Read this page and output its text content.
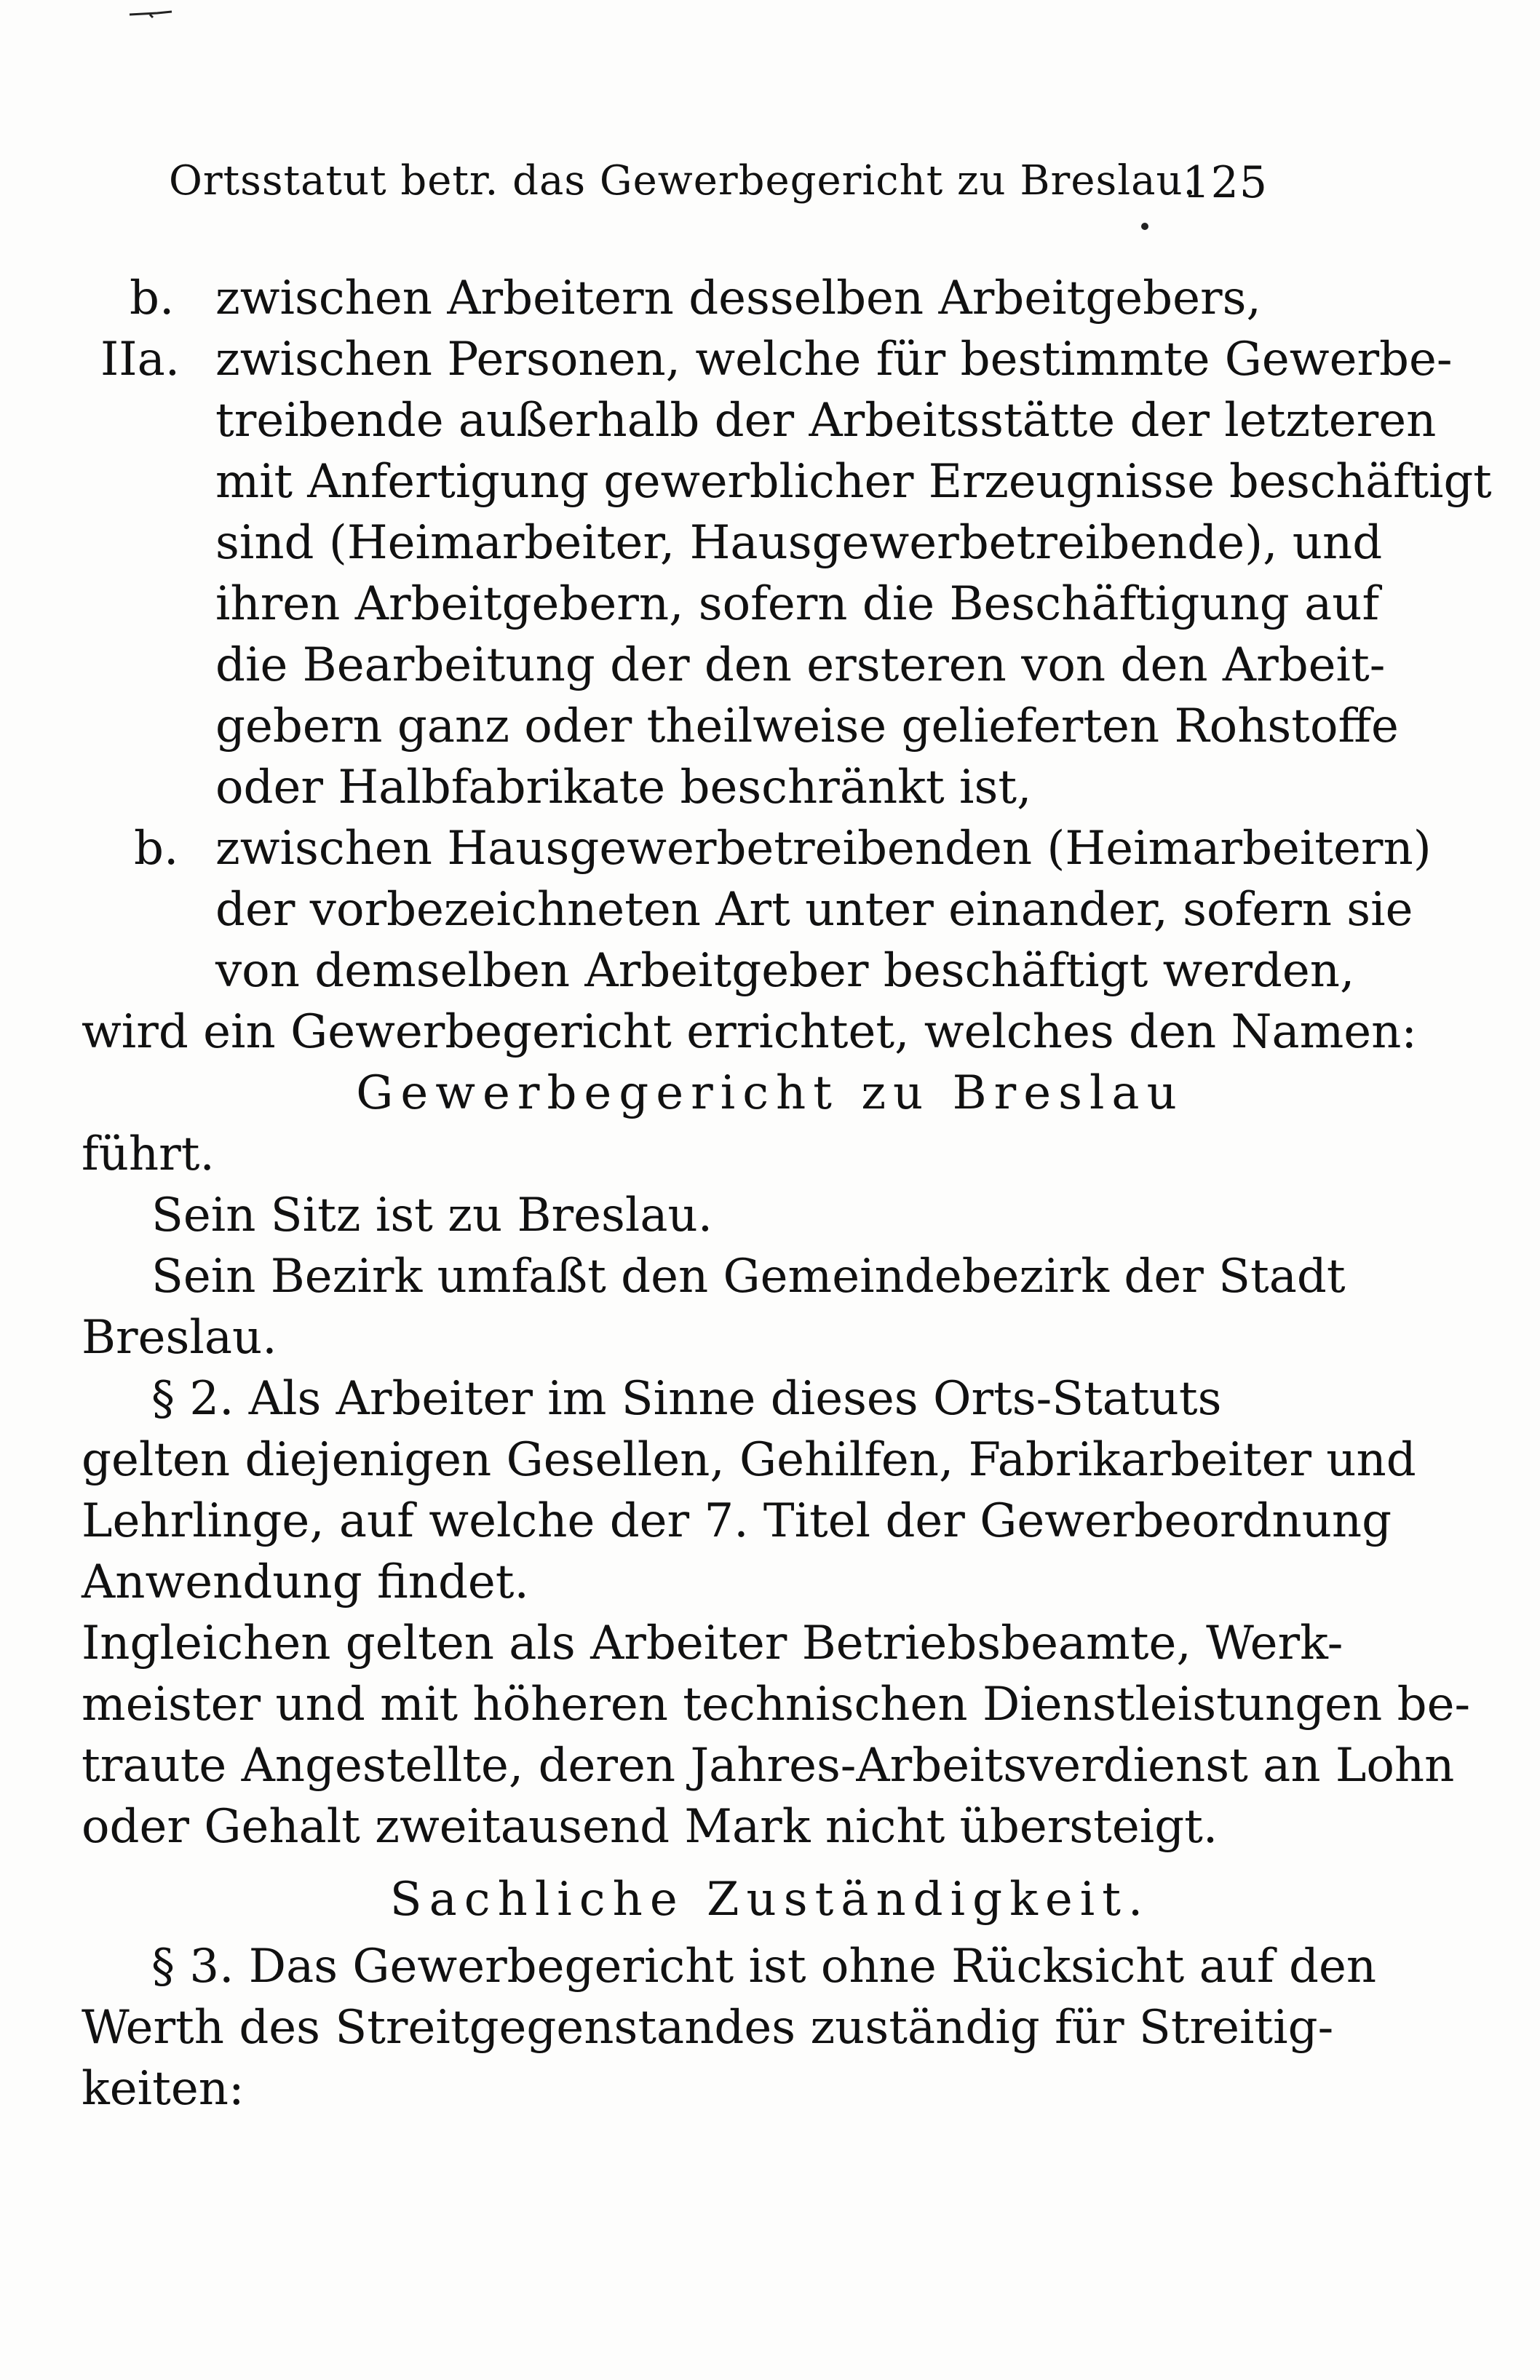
Ortsstatut betr. das Gewerbegericht zu Breslau.
125
b. zwischen Arbeitern desselben Arbeitgebers,
IIa. zwischen Personen, welche für bestimmte Gewerbe-
treibende außerhalb der Arbeitsstätte der letzteren
mit Anfertigung gewerblicher Erzeugnisse beschäftigt
sind (Heimarbeiter, Hausgewerbetreibende), und
ihren Arbeitgebern, sofern die Beschäftigung auf
die Bearbeitung der den ersteren von den Arbeit-
gebern ganz oder theilweise gelieferten Rohstoffe
oder Halbfabrikate beschränkt ist,
b. zwischen Hausgewerbetreibenden (Heimarbeitern)
der vorbezeichneten Art unter einander, sofern sie
von demselben Arbeitgeber beschäftigt werden,
wird ein Gewerbegericht errichtet, welches den Namen:
Gewerbegericht zu Breslau
führt.
Sein Sitz ist zu Breslau.
Sein Bezirk umfaßt den Gemeindebezirk der Stadt
Breslau.
§ 2. Als Arbeiter im Sinne dieses Orts-Statuts
gelten diejenigen Gesellen, Gehilfen, Fabrikarbeiter und
Lehrlinge, auf welche der 7. Titel der Gewerbeordnung
Anwendung findet.
Ingleichen gelten als Arbeiter Betriebsbeamte, Werk-
meister und mit höheren technischen Dienstleistungen be-
traute Angestellte, deren Jahres-Arbeitsverdienst an Lohn
oder Gehalt zweitausend Mark nicht übersteigt.
Sachliche Zuständigkeit.
§ 3. Das Gewerbegericht ist ohne Rücksicht auf den
Werth des Streitgegenstandes zuständig für Streitig-
keiten:
